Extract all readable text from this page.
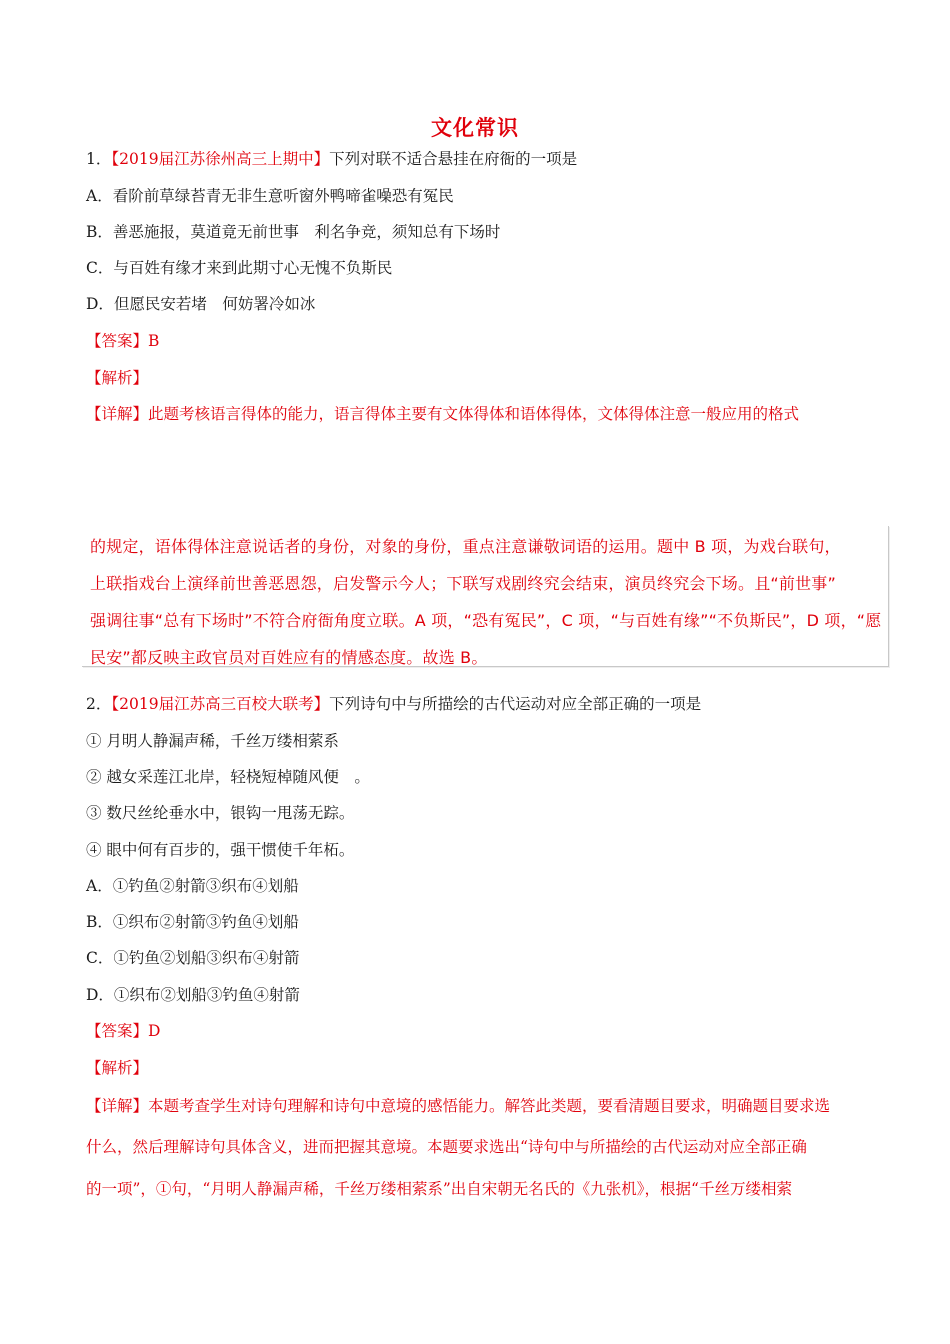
文化常识
1．【2019届江苏徐州高三上期中】下列对联不适合悬挂在府衙的一项是
A．看阶前草绿苔青无非生意听窗外鸭啼雀噪恐有冤民
B．善恶施报，莫道竟无前世事　利名争竞，须知总有下场时
C．与百姓有缘才来到此期寸心无愧不负斯民
D．但愿民安若堵　何妨署冷如冰
【答案】B
【解析】
【详解】此题考核语言得体的能力，语言得体主要有文体得体和语体得体，文体得体注意一般应用的格式
的规定，语体得体注意说话者的身份，对象的身份，重点注意谦敬词语的运用。题中 B 项，为戏台联句，
上联指戏台上演绎前世善恶恩怨，启发警示今人；下联写戏剧终究会结束，演员终究会下场。且“前世事”
强调往事“总有下场时”不符合府衙角度立联。A 项，“恐有冤民”，C 项，“与百姓有缘”“不负斯民”，D 项，“愿
民安”都反映主政官员对百姓应有的情感态度。故选 B。
2．【2019届江苏高三百校大联考】下列诗句中与所描绘的古代运动对应全部正确的一项是
① 月明人静漏声稀，千丝万缕相萦系
② 越女采莲江北岸，轻桡短棹随风便　。
③ 数尺丝纶垂水中，银钩一甩荡无踪。
④ 眼中何有百步的，强干惯使千年柘。
A．①钓鱼②射箭③织布④划船
B．①织布②射箭③钓鱼④划船
C．①钓鱼②划船③织布④射箭
D．①织布②划船③钓鱼④射箭
【答案】D
【解析】
【详解】本题考查学生对诗句理解和诗句中意境的感悟能力。解答此类题，要看清题目要求，明确题目要求选
什么，然后理解诗句具体含义，进而把握其意境。本题要求选出“诗句中与所描绘的古代运动对应全部正确
的一项”，①句，“月明人静漏声稀，千丝万缕相萦系”出自宋朝无名氏的《九张机》，根据“千丝万缕相萦
